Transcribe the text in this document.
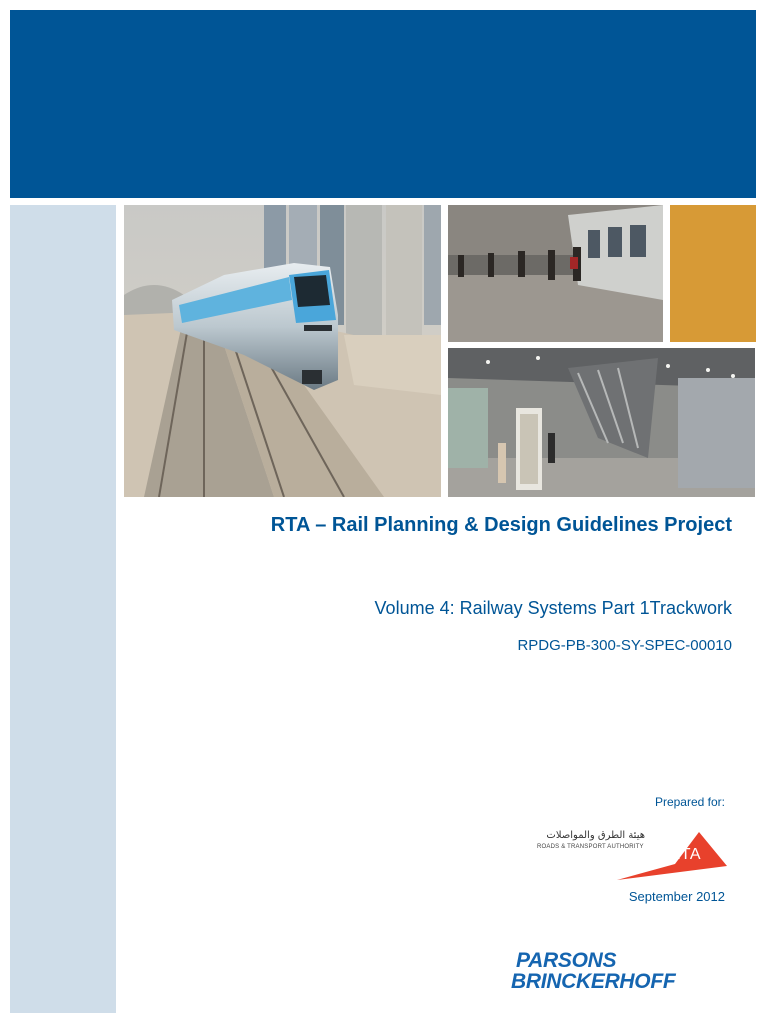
RTA – Rail Planning & Design Guidelines Project
Volume 4: Railway Systems Part 1Trackwork
RPDG-PB-300-SY-SPEC-00010
Prepared for:
هيئة الطرق والمواصلات
ROADS & TRANSPORT AUTHORITY RTA
September 2012
PARSONS
BRINCKERHOFF
